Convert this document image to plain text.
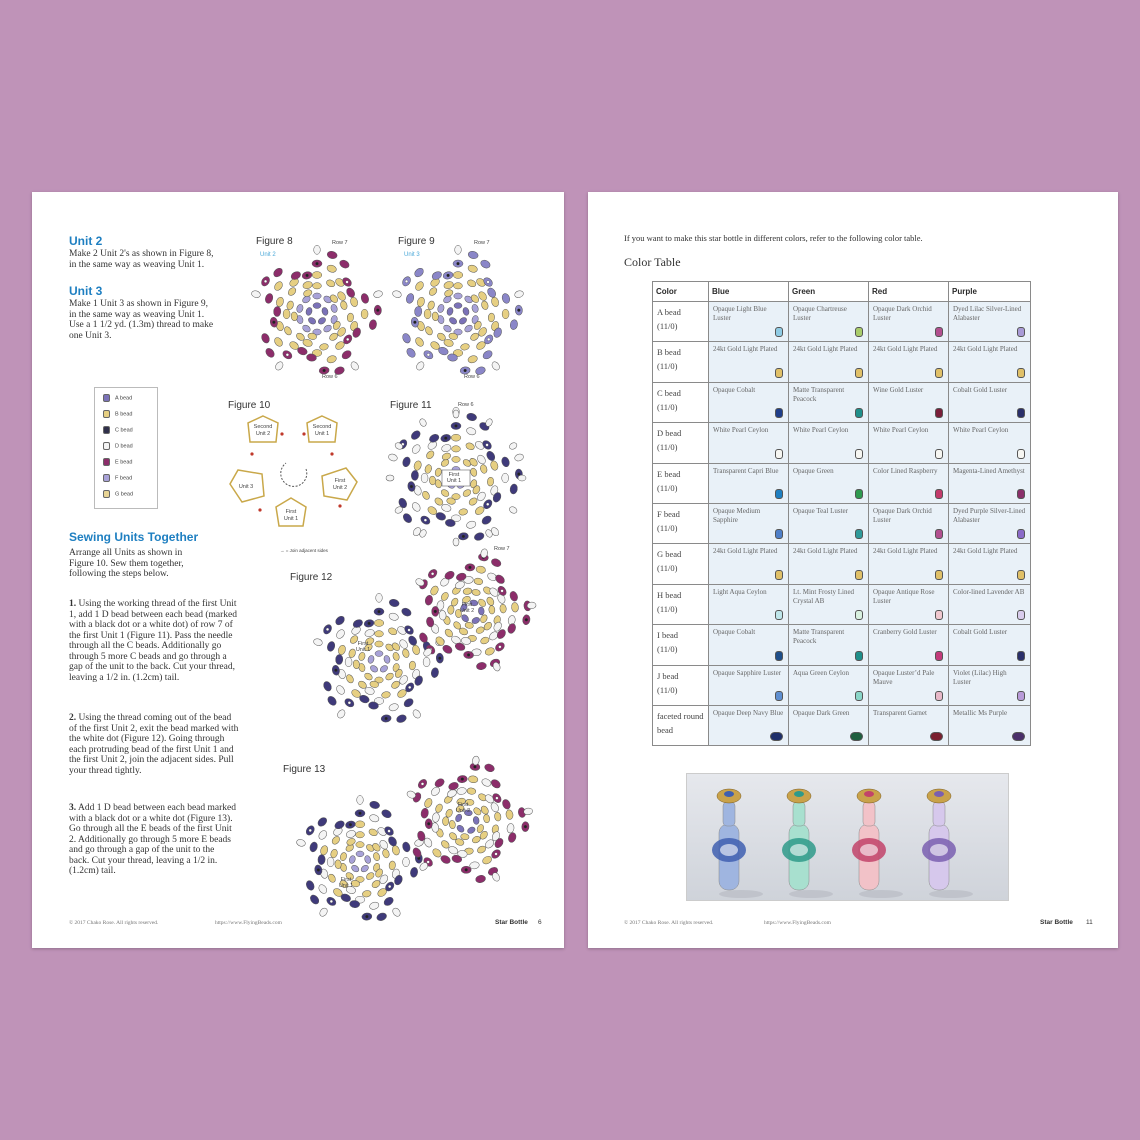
Unit 2
Make 2 Unit 2's as shown in Figure 8,
in the same way as weaving Unit 1.
Unit 3
Make 1 Unit 3 as shown in Figure 9,
in the same way as weaving Unit 1.
Use a 1 1/2 yd. (1.3m) thread to make
one Unit 3.
Figure 8
Unit 2
Row 7
Row 6
Figure 9
Unit 3
Row 7
Row 6
A bead
B bead
C bead
D bead
E bead
F bead
G bead
Figure 10
Second
Unit 2
Second
Unit 1
First
Unit 2
First
Unit 1
Unit 3
→ = Join adjacent sides
Figure 11	Row 6
Row 7
First
Unit 1
Sewing Units Together
Arrange all Units as shown in
Figure 10. Sew them together,
following the steps below.
1. Using the working thread of the first Unit
1, add 1 D bead between each bead (marked
with a black dot or a white dot) of row 7 of
the first Unit 1 (Figure 11). Pass the needle
through all the C beads. Additionally go
through 5 more C beads and go through a
gap of the unit to the back. Cut your thread,
leaving a 1/2 in. (1.2cm) tail.
2. Using the thread coming out of the bead
of the first Unit 2, exit the bead marked with
the white dot (Figure 12). Going through
each protruding bead of the first Unit 1 and
the first Unit 2, join the adjacent sides. Pull
your thread tightly.
3. Add 1 D bead between each bead marked
with a black dot or a white dot (Figure 13).
Go through all the E beads of the first Unit
2. Additionally go through 5 more E beads
and go through a gap of the unit to the
back. Cut your thread, leaving a 1/2 in.
(1.2cm) tail.
Figure 12
First
Unit 1
First
Unit 2
Figure 13
First
Unit 1
First
Unit 2
© 2017 Chako Rose. All rights reserved.	https://www.FlyingBeads.com	Star Bottle 6
If you want to make this star bottle in different colors, refer to the following color table.
Color Table
Color	Blue	Green	Red	Purple

A bead
(11/0)	Opaque Light Blue Luster	Opaque Chartreuse Luster	Opaque Dark Orchid Luster	Dyed Lilac Silver-Lined Alabaster

B bead
(11/0)	24kt Gold Light Plated	24kt Gold Light Plated	24kt Gold Light Plated	24kt Gold Light Plated

C bead
(11/0)	Opaque Cobalt	Matte Transparent Peacock	Wine Gold Luster	Cobalt Gold Luster

D bead
(11/0)	White Pearl Ceylon	White Pearl Ceylon	White Pearl Ceylon	White Pearl Ceylon

E bead
(11/0)	Transparent Capri Blue	Opaque Green	Color Lined Raspberry	Magenta-Lined Amethyst

F bead
(11/0)	Opaque Medium Sapphire	Opaque Teal Luster	Opaque Dark Orchid Luster	Dyed Purple Silver-Lined Alabaster

G bead
(11/0)	24kt Gold Light Plated	24kt Gold Light Plated	24kt Gold Light Plated	24kt Gold Light Plated

H bead
(11/0)	Light Aqua Ceylon	Lt. Mint Frosty Lined Crystal AB	Opaque Antique Rose Luster	Color-lined Lavender AB

I bead
(11/0)	Opaque Cobalt	Matte Transparent Peacock	Cranberry Gold Luster	Cobalt Gold Luster

J bead
(11/0)	Opaque Sapphire Luster	Aqua Green Ceylon	Opaque Luster’d Pale Mauve	Violet (Lilac) High Luster

faceted round bead	Opaque Deep Navy Blue	Opaque Dark Green	Transparent Garnet	Metallic Ms Purple
© 2017 Chako Rose. All rights reserved.	https://www.FlyingBeads.com	Star Bottle 11
